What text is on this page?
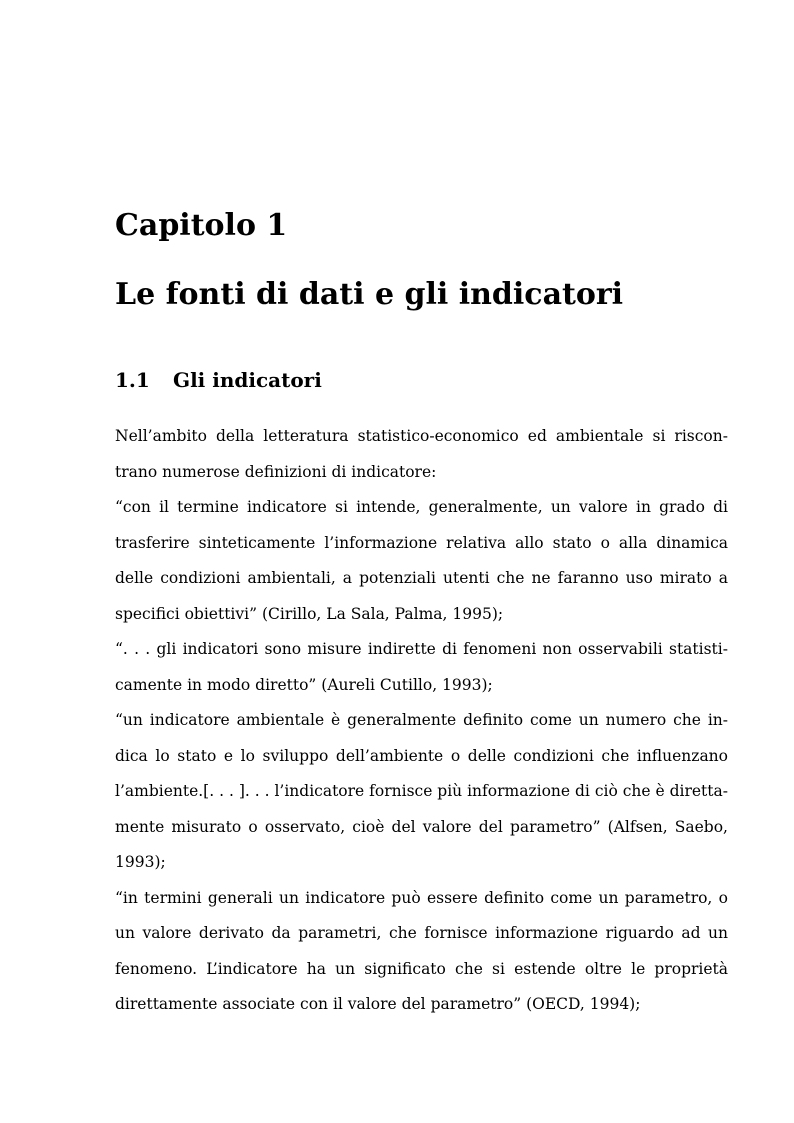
Capitolo 1
Le fonti di dati e gli indicatori
1.1 Gli indicatori
Nell’ambito della letteratura statistico-economico ed ambientale si riscon-
trano numerose definizioni di indicatore:
“con il termine indicatore si intende, generalmente, un valore in grado di
trasferire sinteticamente l’informazione relativa allo stato o alla dinamica
delle condizioni ambientali, a potenziali utenti che ne faranno uso mirato a
specifici obiettivi” (Cirillo, La Sala, Palma, 1995);
“. . . gli indicatori sono misure indirette di fenomeni non osservabili statisti-
camente in modo diretto” (Aureli Cutillo, 1993);
“un indicatore ambientale è generalmente definito come un numero che in-
dica lo stato e lo sviluppo dell’ambiente o delle condizioni che influenzano
l’ambiente.[. . . ]. . . l’indicatore fornisce più informazione di ciò che è diretta-
mente misurato o osservato, cioè del valore del parametro” (Alfsen, Saebo,
1993);
“in termini generali un indicatore può essere definito come un parametro, o
un valore derivato da parametri, che fornisce informazione riguardo ad un
fenomeno. L’indicatore ha un significato che si estende oltre le proprietà
direttamente associate con il valore del parametro” (OECD, 1994);
